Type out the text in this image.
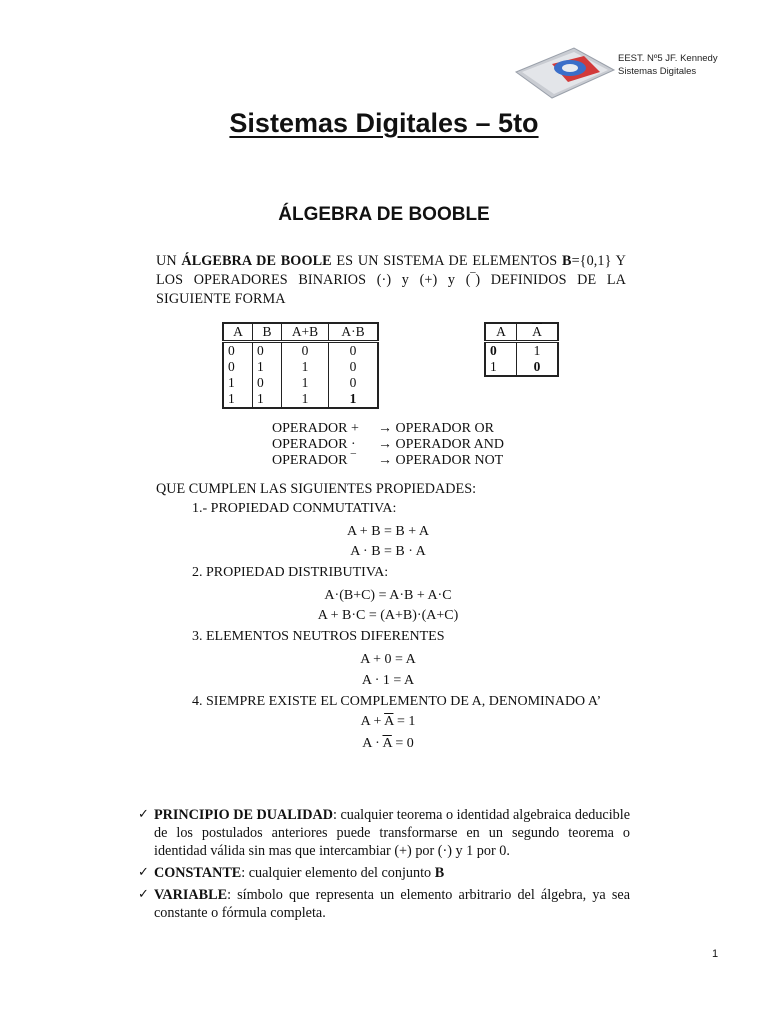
EEST. Nº5 JF. Kennedy
Sistemas Digitales
Sistemas Digitales – 5to
ÁLGEBRA DE BOOBLE
UN ÁLGEBRA DE BOOLE ES UN SISTEMA DE ELEMENTOS B={0,1} Y LOS OPERADORES BINARIOS (·) y (+) y (‾) DEFINIDOS DE LA SIGUIENTE FORMA
A	B	A+B	A·B
0	0	0	0
0	1	1	0
1	0	1	0
1	1	1	1
A	$\overline{A}$
0	1
1	0
OPERADOR +	→ OPERADOR OR
OPERADOR ·	→ OPERADOR AND
OPERADOR ‾	→ OPERADOR NOT
QUE CUMPLEN LAS SIGUIENTES PROPIEDADES:
1.- PROPIEDAD CONMUTATIVA:
A + B = B + A
A · B = B · A
2. PROPIEDAD DISTRIBUTIVA:
A·(B+C) = A·B + A·C
A + B·C = (A+B)·(A+C)
3. ELEMENTOS NEUTROS DIFERENTES
A + 0 = A
A · 1 = A
4. SIEMPRE EXISTE EL COMPLEMENTO DE A, DENOMINADO A’
$A + \overline{A} = 1$
$A \cdot \overline{A} = 0$
✓ PRINCIPIO DE DUALIDAD: cualquier teorema o identidad algebraica deducible de los postulados anteriores puede transformarse en un segundo teorema o identidad válida sin mas que intercambiar (+) por (·) y 1 por 0.
✓ CONSTANTE: cualquier elemento del conjunto B
✓ VARIABLE: símbolo que representa un elemento arbitrario del álgebra, ya sea constante o fórmula completa.
1
